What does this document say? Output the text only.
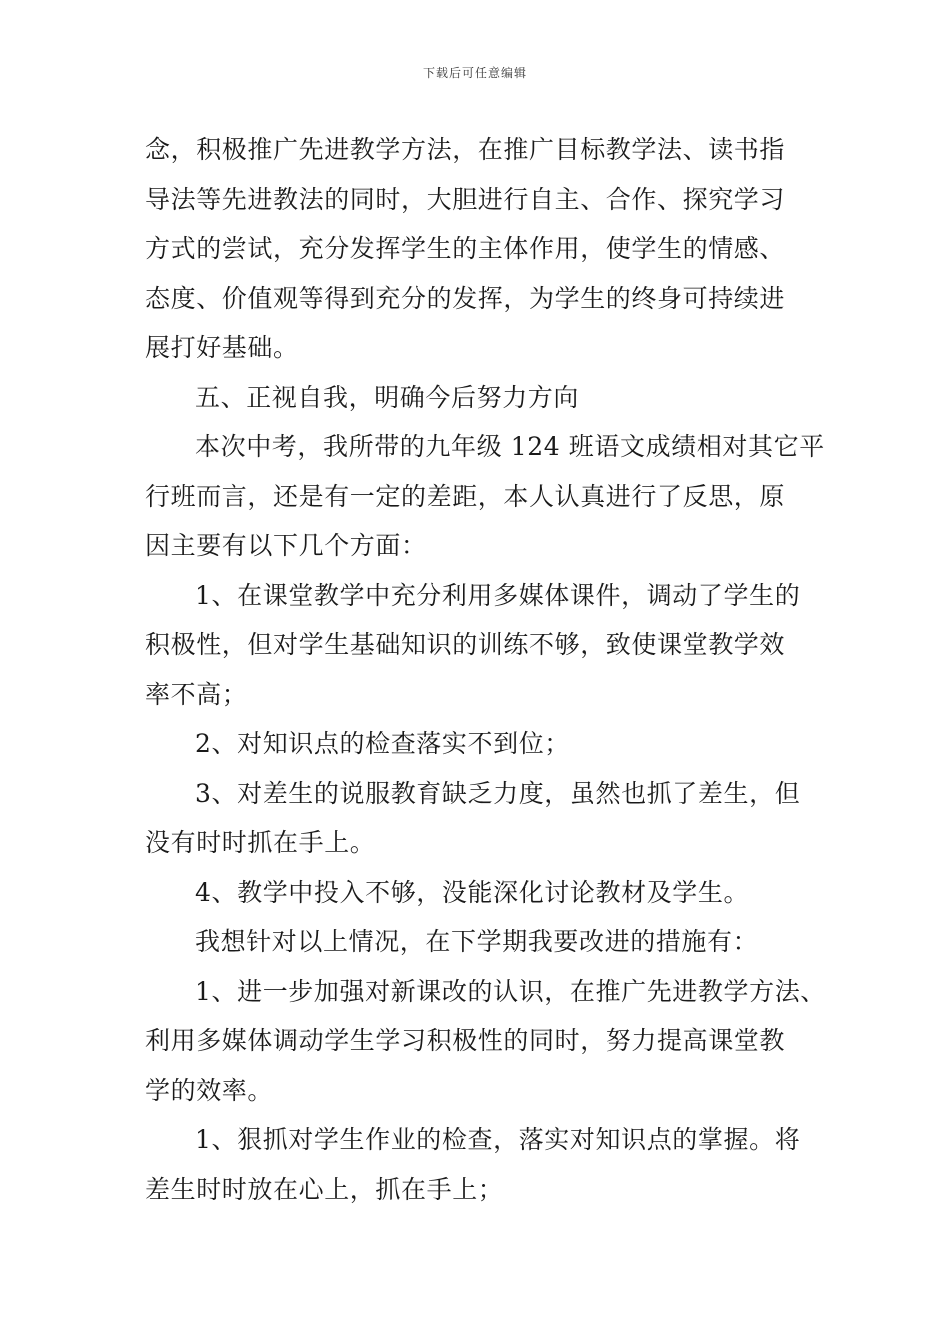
下载后可任意编辑
念，积极推广先进教学方法，在推广目标教学法、读书指
导法等先进教法的同时，大胆进行自主、合作、探究学习
方式的尝试，充分发挥学生的主体作用，使学生的情感、
态度、价值观等得到充分的发挥，为学生的终身可持续进
展打好基础。
五、正视自我，明确今后努力方向
本次中考，我所带的九年级 124 班语文成绩相对其它平
行班而言，还是有一定的差距，本人认真进行了反思，原
因主要有以下几个方面：
1、在课堂教学中充分利用多媒体课件，调动了学生的
积极性，但对学生基础知识的训练不够，致使课堂教学效
率不高；
2、对知识点的检查落实不到位；
3、对差生的说服教育缺乏力度，虽然也抓了差生，但
没有时时抓在手上。
4、教学中投入不够，没能深化讨论教材及学生。
我想针对以上情况，在下学期我要改进的措施有：
1、进一步加强对新课改的认识，在推广先进教学方法、
利用多媒体调动学生学习积极性的同时，努力提高课堂教
学的效率。
1、狠抓对学生作业的检查，落实对知识点的掌握。将
差生时时放在心上，抓在手上；
